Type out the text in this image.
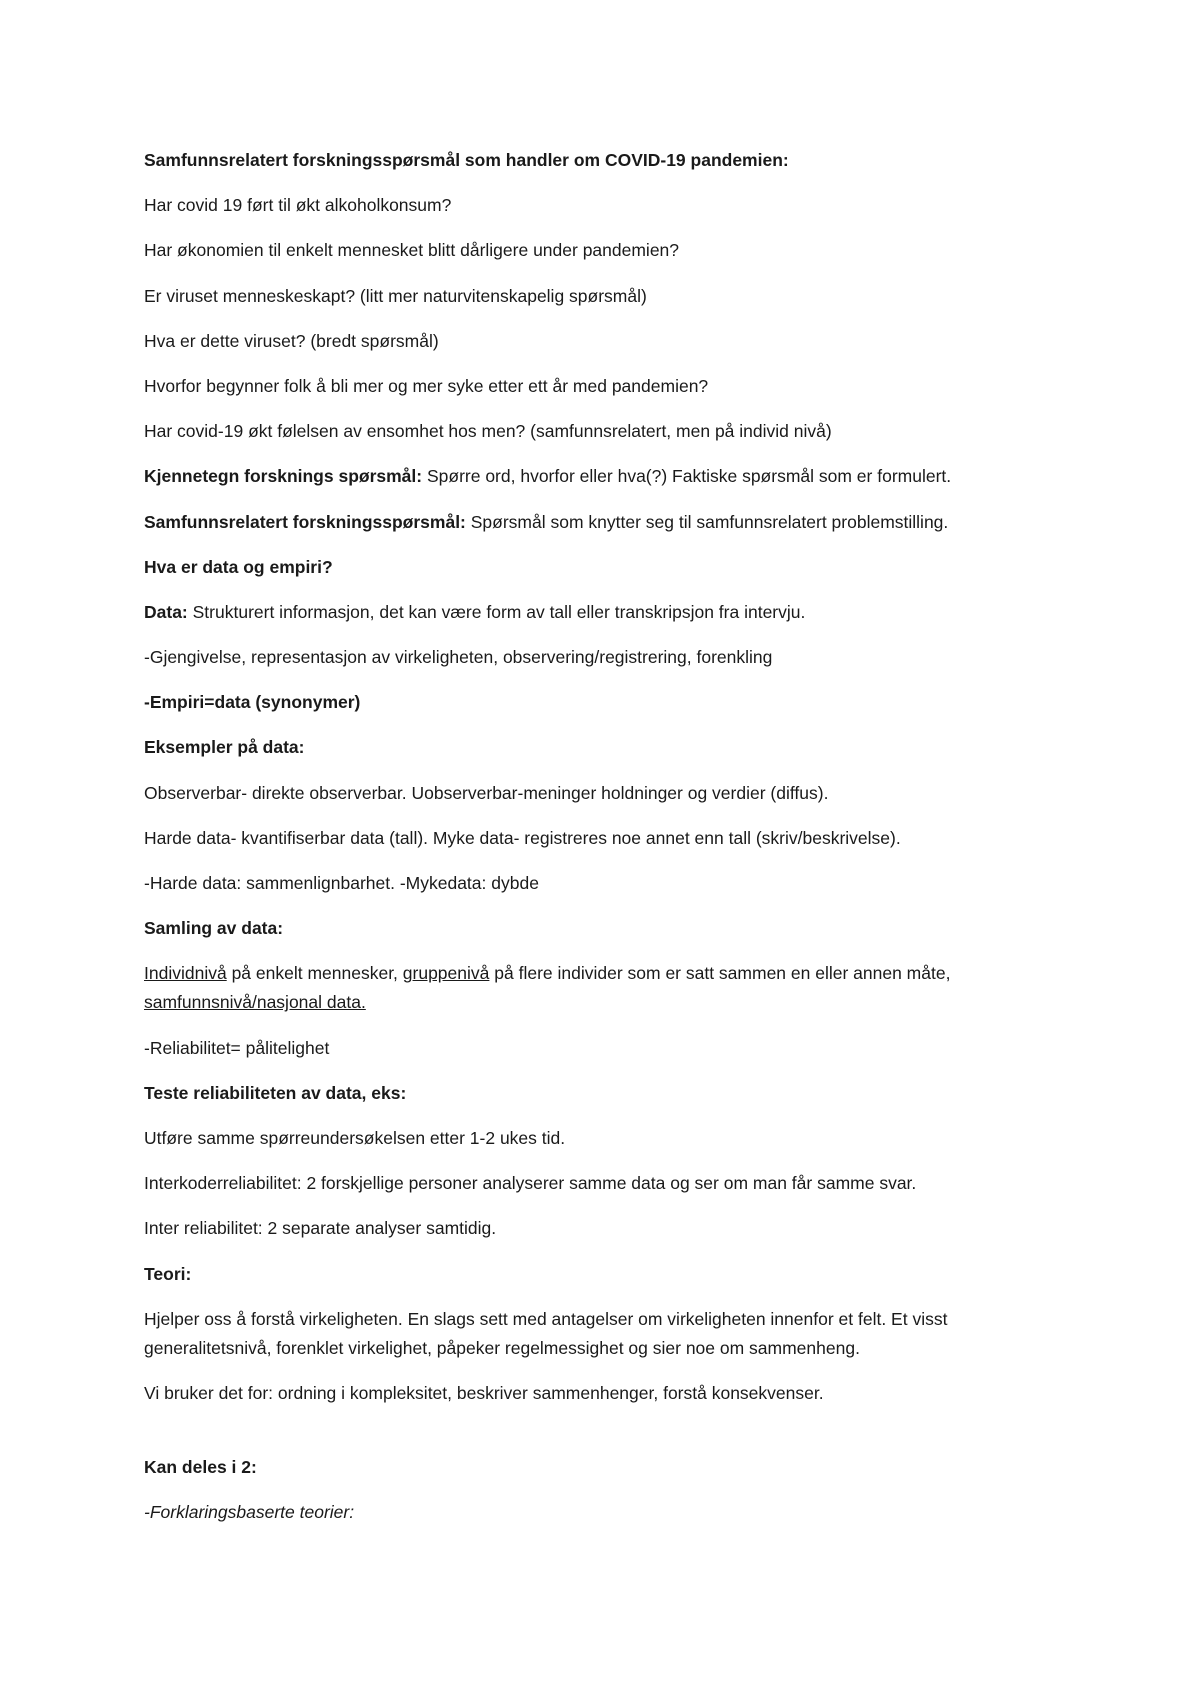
Samfunnsrelatert forskningsspørsmål som handler om COVID-19 pandemien:

Har covid 19 ført til økt alkoholkonsum?

Har økonomien til enkelt mennesket blitt dårligere under pandemien?

Er viruset menneskeskapt? (litt mer naturvitenskapelig spørsmål)

Hva er dette viruset? (bredt spørsmål)

Hvorfor begynner folk å bli mer og mer syke etter ett år med pandemien?

Har covid-19 økt følelsen av ensomhet hos men? (samfunnsrelatert, men på individ nivå)

Kjennetegn forsknings spørsmål: Spørre ord, hvorfor eller hva(?) Faktiske spørsmål som er formulert.

Samfunnsrelatert forskningsspørsmål: Spørsmål som knytter seg til samfunnsrelatert problemstilling.

Hva er data og empiri?

Data: Strukturert informasjon, det kan være form av tall eller transkripsjon fra intervju.

-Gjengivelse, representasjon av virkeligheten, observering/registrering, forenkling

-Empiri=data (synonymer)

Eksempler på data:

Observerbar- direkte observerbar. Uobserverbar-meninger holdninger og verdier (diffus).

Harde data- kvantifiserbar data (tall). Myke data- registreres noe annet enn tall (skriv/beskrivelse).

-Harde data: sammenlignbarhet. -Mykedata: dybde

Samling av data:

Individnivå på enkelt mennesker, gruppenivå på flere individer som er satt sammen en eller annen måte, samfunnsnivå/nasjonal data.

-Reliabilitet= pålitelighet

Teste reliabiliteten av data, eks:

Utføre samme spørreundersøkelsen etter 1-2 ukes tid.

Interkoderreliabilitet: 2 forskjellige personer analyserer samme data og ser om man får samme svar.

Inter reliabilitet: 2 separate analyser samtidig.

Teori:

Hjelper oss å forstå virkeligheten. En slags sett med antagelser om virkeligheten innenfor et felt. Et visst generalitetsnivå, forenklet virkelighet, påpeker regelmessighet og sier noe om sammenheng.

Vi bruker det for: ordning i kompleksitet, beskriver sammenhenger, forstå konsekvenser.

Kan deles i 2:

-Forklaringsbaserte teorier:
